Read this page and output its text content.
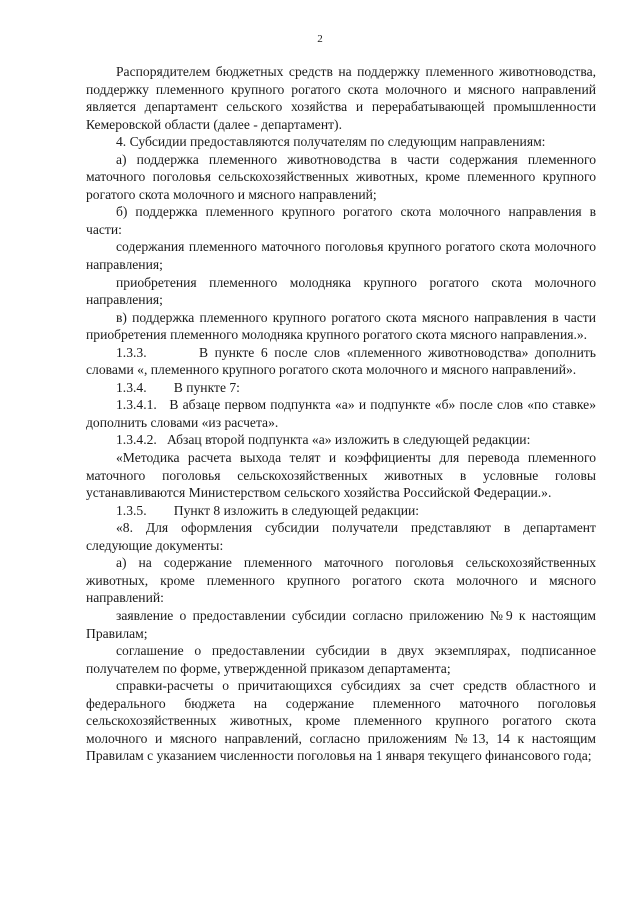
2

Распорядителем бюджетных средств на поддержку племенного животноводства, поддержку племенного крупного рогатого скота молочного и мясного направлений является департамент сельского хозяйства и перерабатывающей промышленности Кемеровской области (далее - департамент).

4. Субсидии предоставляются получателям по следующим направлениям:

а) поддержка племенного животноводства в части содержания племенного маточного поголовья сельскохозяйственных животных, кроме племенного крупного рогатого скота молочного и мясного направлений;

б) поддержка племенного крупного рогатого скота молочного направления в части:

содержания племенного маточного поголовья крупного рогатого скота молочного направления;

приобретения племенного молодняка крупного рогатого скота молочного направления;

в) поддержка племенного крупного рогатого скота мясного направления в части приобретения племенного молодняка крупного рогатого скота мясного направления.».

1.3.3.        В пункте 6 после слов «племенного животноводства» дополнить словами «, племенного крупного рогатого скота молочного и мясного направлений».

1.3.4.        В пункте 7:

1.3.4.1.   В абзаце первом подпункта «а» и подпункте «б» после слов «по ставке» дополнить словами «из расчета».

1.3.4.2.   Абзац второй подпункта «а» изложить в следующей редакции:

«Методика расчета выхода телят и коэффициенты для перевода племенного маточного поголовья сельскохозяйственных животных в условные головы устанавливаются Министерством сельского хозяйства Российской Федерации.».

1.3.5.        Пункт 8 изложить в следующей редакции:

«8. Для оформления субсидии получатели представляют в департамент следующие документы:

а) на содержание племенного маточного поголовья сельскохозяйственных животных, кроме племенного крупного рогатого скота молочного и мясного направлений:

заявление о предоставлении субсидии согласно приложению №9 к настоящим Правилам;

соглашение о предоставлении субсидии в двух экземплярах, подписанное получателем по форме, утвержденной приказом департамента;

справки-расчеты о причитающихся субсидиях за счет средств областного и федерального бюджета на содержание племенного маточного поголовья сельскохозяйственных животных, кроме племенного крупного рогатого скота молочного и мясного направлений, согласно приложениям №13, 14 к настоящим Правилам с указанием численности поголовья на 1 января текущего финансового года;
